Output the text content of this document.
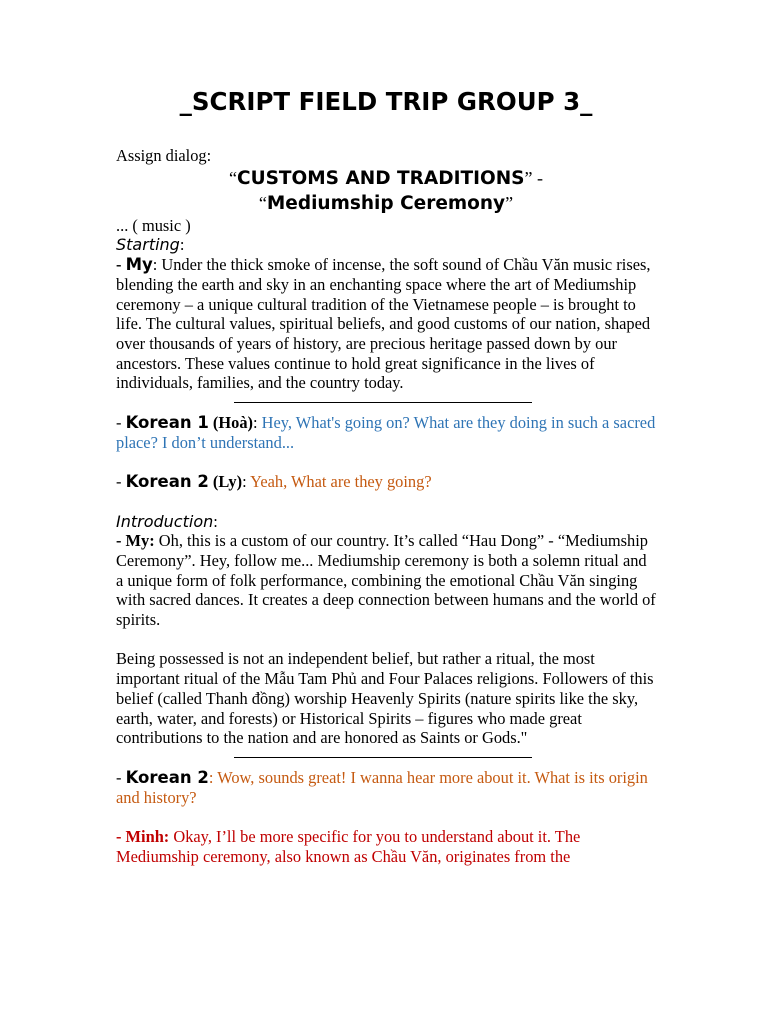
_SCRIPT FIELD TRIP GROUP 3_

Assign dialog:

“CUSTOMS AND TRADITIONS” -

“Mediumship Ceremony”

... ( music )

Starting:

- My: Under the thick smoke of incense, the soft sound of Chầu Văn music rises, blending the earth and sky in an enchanting space where the art of Mediumship ceremony – a unique cultural tradition of the Vietnamese people – is brought to life. The cultural values, spiritual beliefs, and good customs of our nation, shaped over thousands of years of history, are precious heritage passed down by our ancestors. These values continue to hold great significance in the lives of individuals, families, and the country today.

- Korean 1 (Hoà): Hey, What's going on? What are they doing in such a sacred place? I don’t understand...

- Korean 2 (Ly): Yeah, What are they going?

Introduction:

- My: Oh, this is a custom of our country. It’s called “Hau Dong” - “Mediumship Ceremony”. Hey, follow me... Mediumship ceremony is both a solemn ritual and a unique form of folk performance, combining the emotional Chầu Văn singing with sacred dances. It creates a deep connection between humans and the world of spirits.

Being possessed is not an independent belief, but rather a ritual, the most important ritual of the Mẫu Tam Phủ and Four Palaces religions. Followers of this belief (called Thanh đồng) worship Heavenly Spirits (nature spirits like the sky, earth, water, and forests) or Historical Spirits – figures who made great contributions to the nation and are honored as Saints or Gods."

- Korean 2: Wow, sounds great! I wanna hear more about it. What is its origin and history?

- Minh: Okay, I’ll be more specific for you to understand about it. The Mediumship ceremony, also known as Chầu Văn, originates from the
